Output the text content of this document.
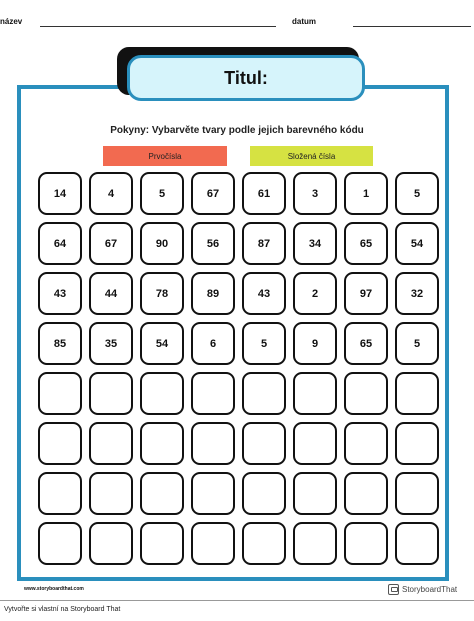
název	datum
Titul:
Pokyny: Vybarvěte tvary podle jejich barevného kódu
Prvočísla	Složená čísla
14	4	5	67	61	3	1	5
64	67	90	56	87	34	65	54
43	44	78	89	43	2	97	32
85	35	54	6	5	9	65	5
www.storyboardthat.com	StoryboardThat
Vytvořte si vlastní na Storyboard That
